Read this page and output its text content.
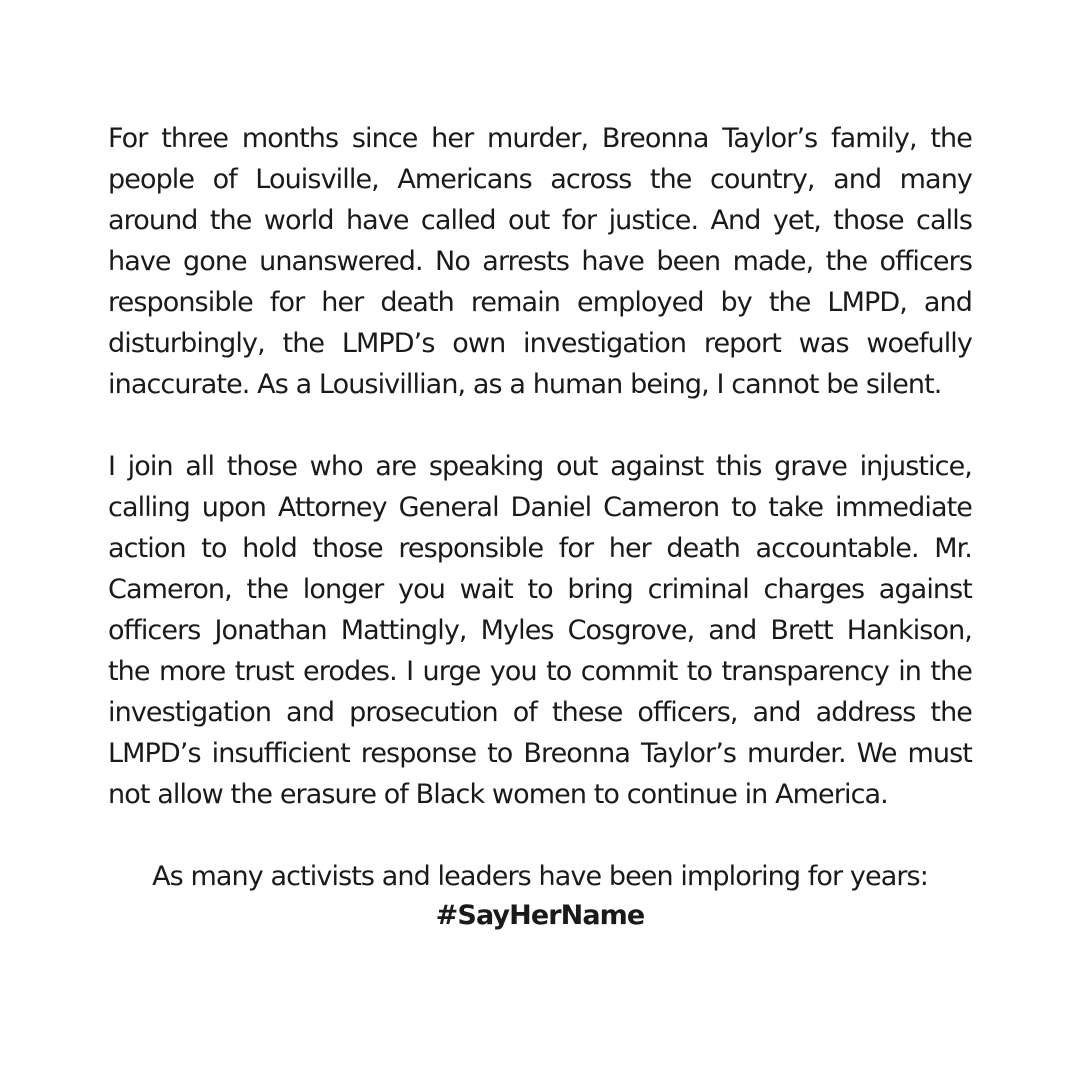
For three months since her murder, Breonna Taylor’s family, the people of Louisville, Americans across the country, and many around the world have called out for justice. And yet, those calls have gone unanswered. No arrests have been made, the officers responsible for her death remain employed by the LMPD, and disturbingly, the LMPD’s own investigation report was woefully inaccurate. As a Lousivillian, as a human being, I cannot be silent.

I join all those who are speaking out against this grave injustice, calling upon Attorney General Daniel Cameron to take immediate action to hold those responsible for her death accountable. Mr. Cameron, the longer you wait to bring criminal charges against officers Jonathan Mattingly, Myles Cosgrove, and Brett Hankison, the more trust erodes. I urge you to commit to transparency in the investigation and prosecution of these officers, and address the LMPD’s insufficient response to Breonna Taylor’s murder. We must not allow the erasure of Black women to continue in America.

As many activists and leaders have been imploring for years:
#SayHerName
